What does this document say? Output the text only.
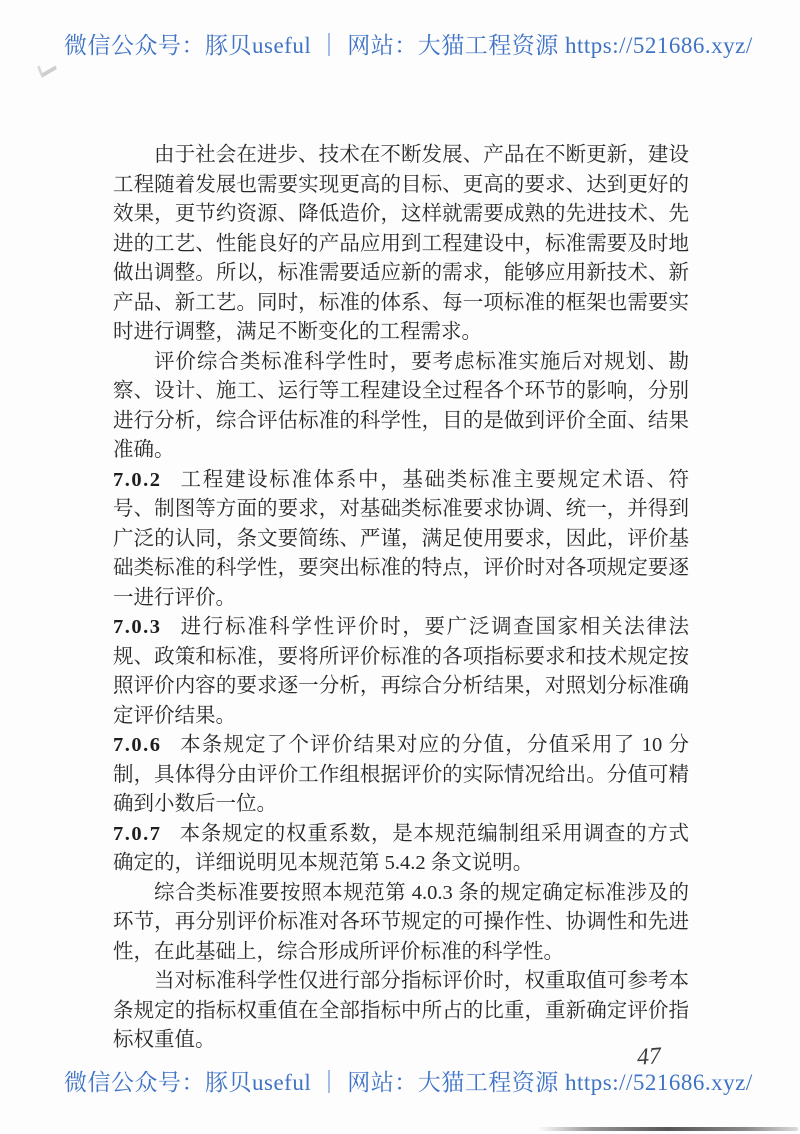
微信公众号：豚贝useful ｜ 网站：大猫工程资源 https://521686.xyz/

由于社会在进步、技术在不断发展、产品在不断更新，建设工程随着发展也需要实现更高的目标、更高的要求、达到更好的效果，更节约资源、降低造价，这样就需要成熟的先进技术、先进的工艺、性能良好的产品应用到工程建设中，标准需要及时地做出调整。所以，标准需要适应新的需求，能够应用新技术、新产品、新工艺。同时，标准的体系、每一项标准的框架也需要实时进行调整，满足不断变化的工程需求。

评价综合类标准科学性时，要考虑标准实施后对规划、勘察、设计、施工、运行等工程建设全过程各个环节的影响，分别进行分析，综合评估标准的科学性，目的是做到评价全面、结果准确。

7.0.2 工程建设标准体系中，基础类标准主要规定术语、符号、制图等方面的要求，对基础类标准要求协调、统一，并得到广泛的认同，条文要简练、严谨，满足使用要求，因此，评价基础类标准的科学性，要突出标准的特点，评价时对各项规定要逐一进行评价。

7.0.3 进行标准科学性评价时，要广泛调查国家相关法律法规、政策和标准，要将所评价标准的各项指标要求和技术规定按照评价内容的要求逐一分析，再综合分析结果，对照划分标准确定评价结果。

7.0.6 本条规定了个评价结果对应的分值，分值采用了 10 分制，具体得分由评价工作组根据评价的实际情况给出。分值可精确到小数后一位。

7.0.7 本条规定的权重系数，是本规范编制组采用调查的方式确定的，详细说明见本规范第 5.4.2 条文说明。

综合类标准要按照本规范第 4.0.3 条的规定确定标准涉及的环节，再分别评价标准对各环节规定的可操作性、协调性和先进性，在此基础上，综合形成所评价标准的科学性。

当对标准科学性仅进行部分指标评价时，权重取值可参考本条规定的指标权重值在全部指标中所占的比重，重新确定评价指标权重值。

47
微信公众号：豚贝useful ｜ 网站：大猫工程资源 https://521686.xyz/
